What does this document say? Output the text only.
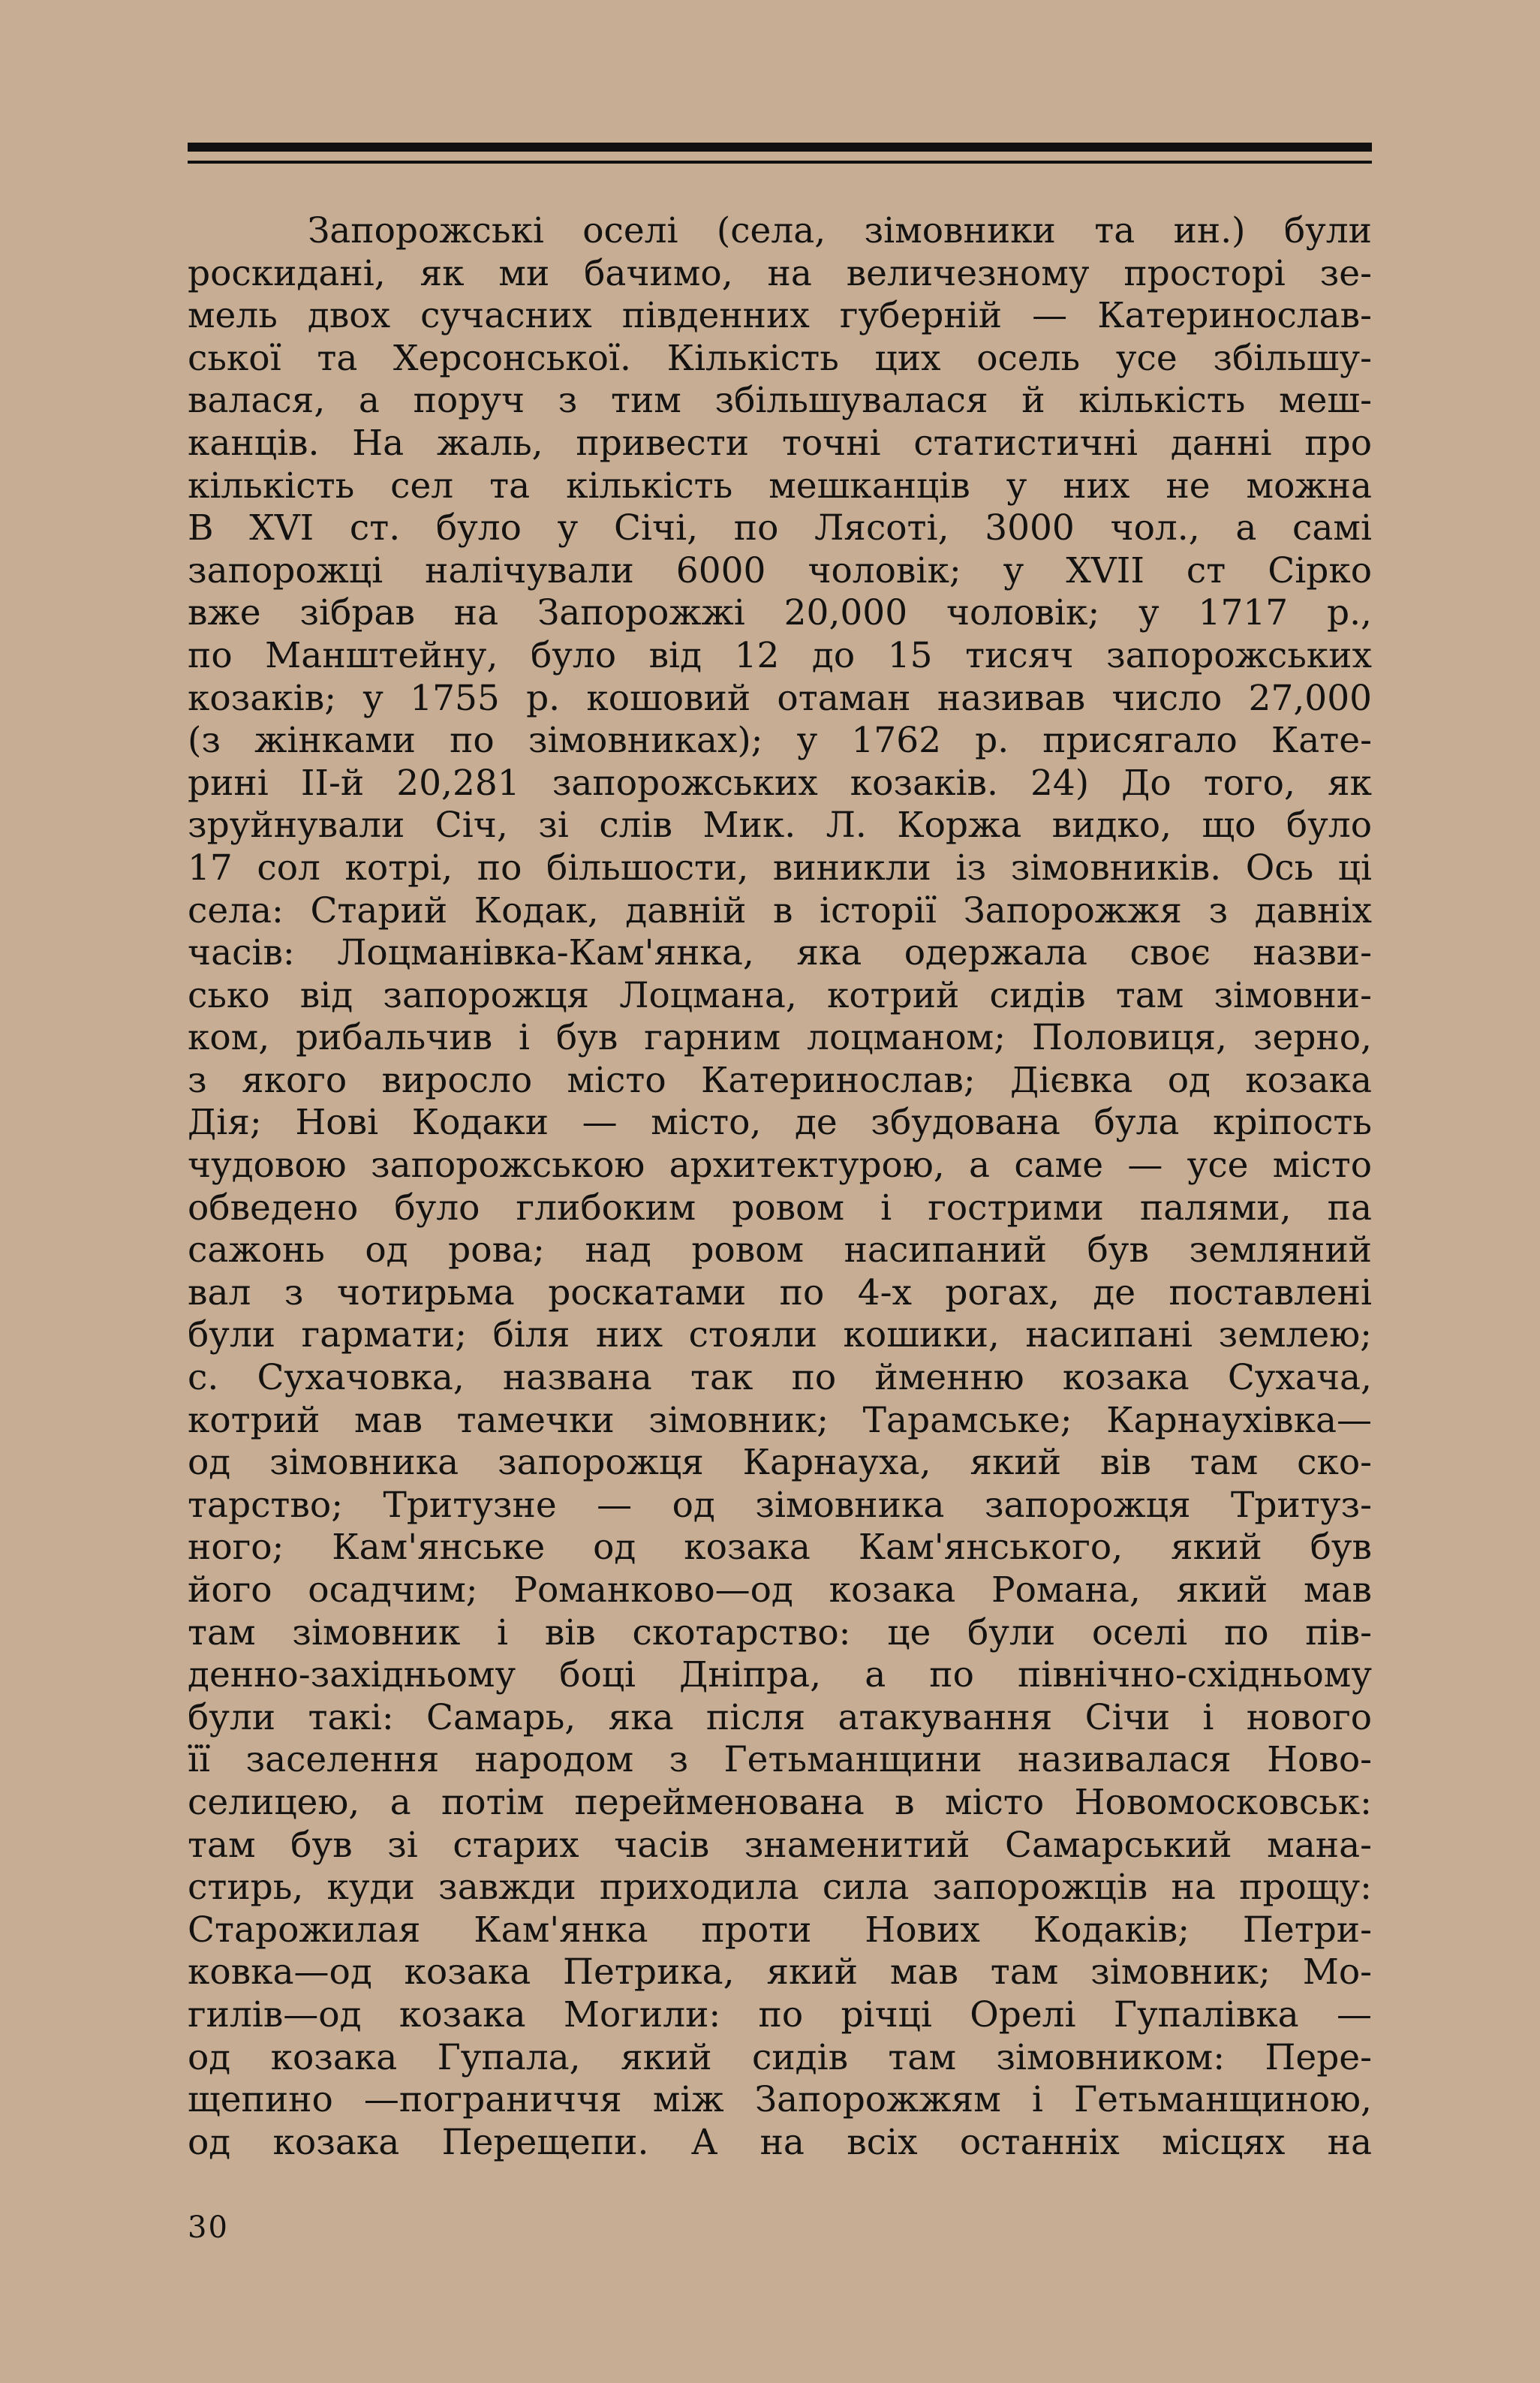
Запорожські оселі (села, зімовники та ин.) були
роскидані, як ми бачимо, на величезному просторі зе-
мель двох сучасних південних губерній — Катеринослав-
ської та Херсонської. Кількість цих осель усе збільшу-
валася, а поруч з тим збільшувалася й кількість меш-
канців. На жаль, привести точні статистичні данні про
кількість сел та кількість мешканців у них не можна
В XVI ст. було у Січі, по Лясоті, 3000 чол., а самі
запорожці налічували 6000 чоловік; у XVII ст Сірко
вже зібрав на Запорожжі 20,000 чоловік; у 1717 р.,
по Манштейну, було від 12 до 15 тисяч запорожських
козаків; у 1755 р. кошовий отаман називав число 27,000
(з жінками по зімовниках); у 1762 р. присягало Кате-
рині ІІ-й 20,281 запорожських козаків. 24) До того, як
зруйнували Січ, зі слів Мик. Л. Коржа видко, що було
17 сол котрі, по більшости, виникли із зімовників. Ось ці
села: Старий Кодак, давній в історії Запорожжя з давніх
часів: Лоцманівка-Кам'янка, яка одержала своє назви-
сько від запорожця Лоцмана, котрий сидів там зімовни-
ком, рибальчив і був гарним лоцманом; Половиця, зерно,
з якого виросло місто Катеринослав; Дієвка од козака
Дія; Нові Кодаки — місто, де збудована була кріпость
чудовою запорожською архитектурою, а саме — усе місто
обведено було глибоким ровом і гострими палями, па
сажонь од рова; над ровом насипаний був земляний
вал з чотирьма роскатами по 4-х рогах, де поставлені
були гармати; біля них стояли кошики, насипані землею;
с. Сухачовка, названа так по йменню козака Сухача,
котрий мав тамечки зімовник; Тарамське; Карнаухівка—
од зімовника запорожця Карнауха, який вів там ско-
тарство; Тритузне — од зімовника запорожця Тритуз-
ного; Кам'янське од козака Кам'янського, який був
його осадчим; Романково—од козака Романа, який мав
там зімовник і вів скотарство: це були оселі по пів-
денно-західньому боці Дніпра, а по північно-східньому
були такі: Самарь, яка після атакування Січи і нового
її заселення народом з Гетьманщини називалася Ново-
селицею, а потім перейменована в місто Новомосковськ:
там був зі старих часів знаменитий Самарський мана-
стирь, куди завжди приходила сила запорожців на прощу:
Старожилая Кам'янка проти Нових Кодаків; Петри-
ковка—од козака Петрика, який мав там зімовник; Мо-
гилів—од козака Могили: по річці Орелі Гупалівка —
од козака Гупала, який сидів там зімовником: Пере-
щепино —пограниччя між Запорожжям і Гетьманщиною,
од козака Перещепи. А на всіх останніх місцях на
30
